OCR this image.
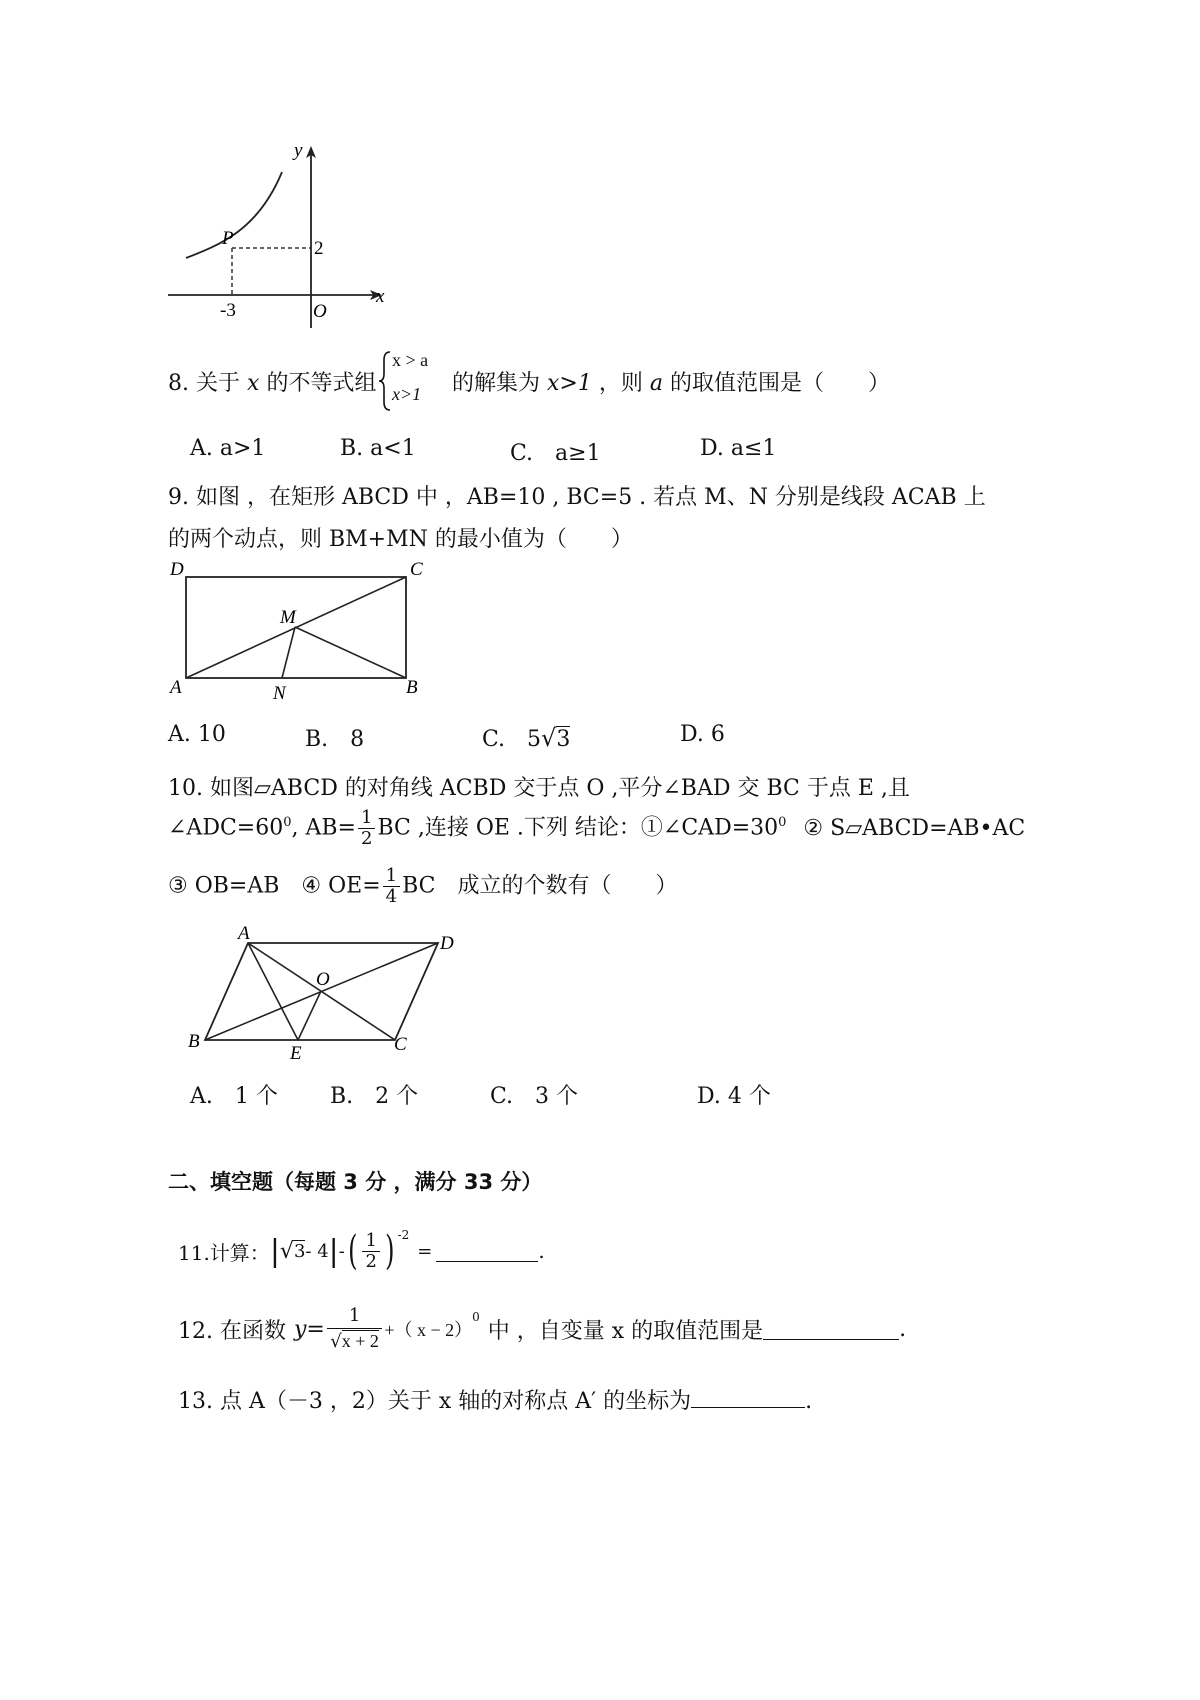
y
x
P	2
-3	O
8. 关于 x 的不等式组
x > a
x>1 的解集为 x>1 ，则 a 的取值范围是（　　）
A. a>1	B. a<1	C.　a≥1	D. a≤1
9. 如图 ，在矩形 ABCD 中 ，AB=10 , BC=5 . 若点 M、N 分别是线段 ACAB 上
的两个动点，则 BM+MN 的最小值为（　　）
D	C
M
A	N	B
A. 10	B.　8	C.　5√3	D. 6
10. 如图▱ABCD 的对角线 ACBD 交于点 O ,平分∠BAD 交 BC 于点 E ,且
$\angle ADC=60^0$, $AB= \frac{1}{2}$ BC ,连接 OE .下列 结论：$①\angle CAD=30^0$ ② S▱ABCD=AB•AC
③ OB=AB　④ $OE= \frac{1}{4}$ BC　成立的个数有（　　）
A	D
O
B
E	C
A.　1 个 B.　2 个	C.　3 个	D. 4 个
二、填空题（每题 3 分 ，满分 33 分）
11.计算： | √ 3 - 4 | - ( $\frac{1}{2}$ ) $^{-2}$
=	.
12. 在函数 $y = \frac{1}{√x + 2}$ +（ x − 2）
$^0$
中 ，自变量 x 的取值范围是	.
13. 点 A（－3 ，2）关于 x 轴的对称点 A′ 的坐标为	.
